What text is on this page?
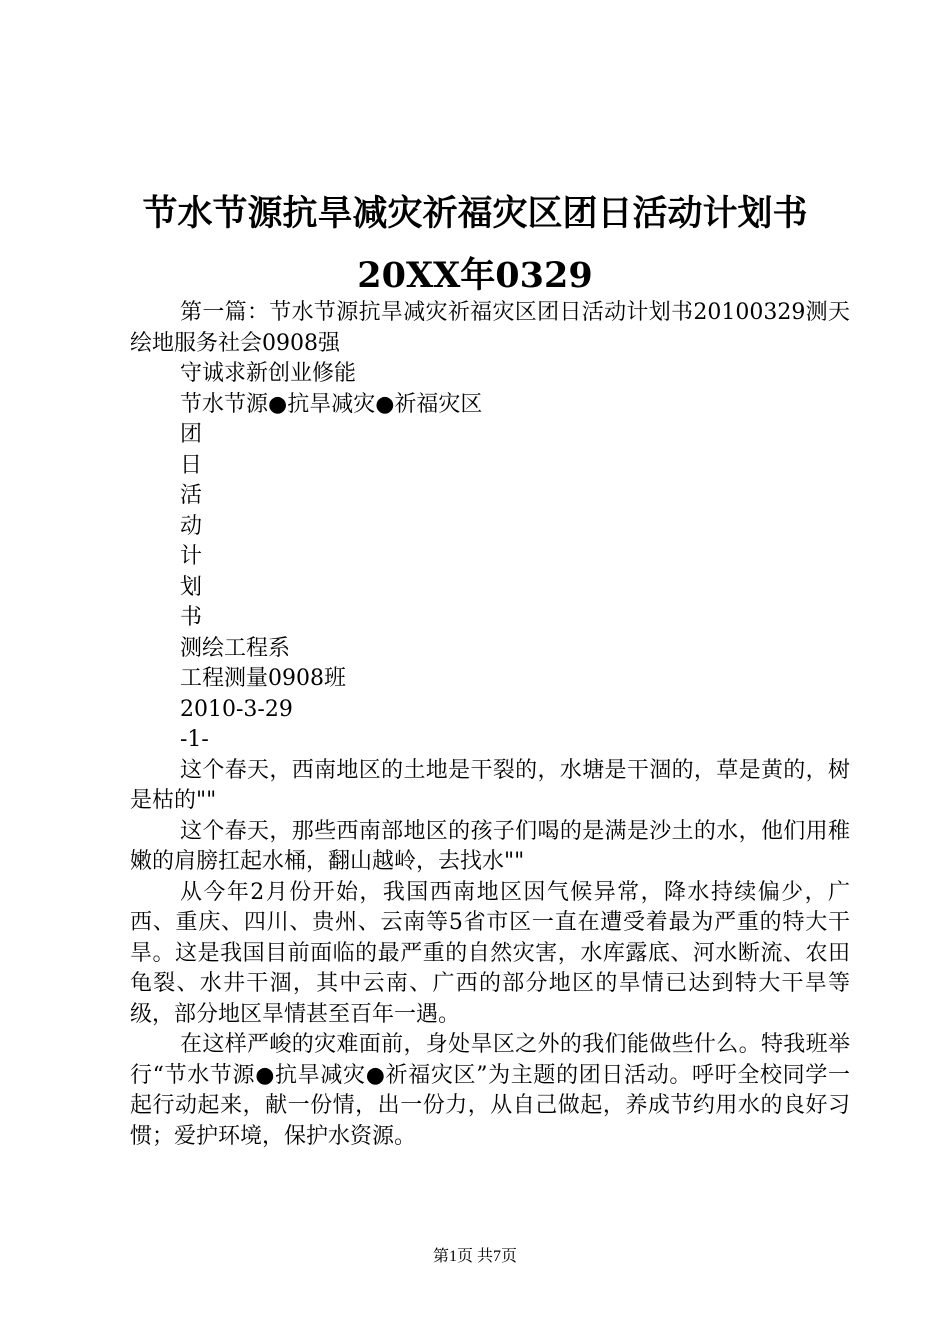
节水节源抗旱减灾祈福灾区团日活动计划书
20XX年0329

第一篇：节水节源抗旱减灾祈福灾区团日活动计划书20100329测天绘地服务社会0908强

守诚求新创业修能

节水节源●抗旱减灾●祈福灾区

团

日

活

动

计

划

书

测绘工程系

工程测量0908班

2010-3-29

-1-

这个春天，西南地区的土地是干裂的，水塘是干涸的，草是黄的，树是枯的""

这个春天，那些西南部地区的孩子们喝的是满是沙土的水，他们用稚嫩的肩膀扛起水桶，翻山越岭，去找水""

从今年2月份开始，我国西南地区因气候异常，降水持续偏少，广西、重庆、四川、贵州、云南等5省市区一直在遭受着最为严重的特大干旱。这是我国目前面临的最严重的自然灾害，水库露底、河水断流、农田龟裂、水井干涸，其中云南、广西的部分地区的旱情已达到特大干旱等级，部分地区旱情甚至百年一遇。

在这样严峻的灾难面前，身处旱区之外的我们能做些什么。特我班举行“节水节源●抗旱减灾●祈福灾区”为主题的团日活动。呼吁全校同学一起行动起来，献一份情，出一份力，从自己做起，养成节约用水的良好习惯；爱护环境，保护水资源。

第1页 共7页
